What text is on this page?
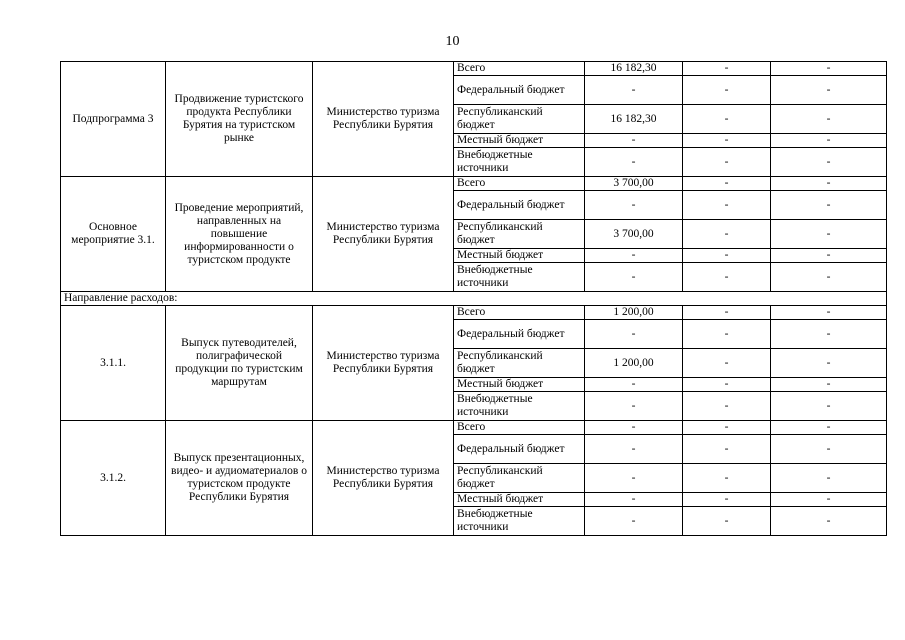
10
Подпрограмма 3	Продвижение туристского продукта Республики Бурятия на туристском рынке	Министерство туризма Республики Бурятия	Всего	16 182,30	-	-
			Федеральный бюджет	-	-	-
			Республиканский бюджет	16 182,30	-	-
			Местный бюджет	-	-	-
			Внебюджетные источники	-	-	-
Основное мероприятие 3.1.	Проведение мероприятий, направленных на повышение информированности о туристском продукте	Министерство туризма Республики Бурятия	Всего	3 700,00	-	-
			Федеральный бюджет	-	-	-
			Республиканский бюджет	3 700,00	-	-
			Местный бюджет	-	-	-
			Внебюджетные источники	-	-	-
Направление расходов:						
3.1.1.	Выпуск путеводителей, полиграфической продукции по туристским маршрутам	Министерство туризма Республики Бурятия	Всего	1 200,00	-	-
			Федеральный бюджет	-	-	-
			Республиканский бюджет	1 200,00	-	-
			Местный бюджет	-	-	-
			Внебюджетные источники	-	-	-
3.1.2.	Выпуск презентационных, видео- и аудиоматериалов о туристском продукте Республики Бурятия	Министерство туризма Республики Бурятия	Всего	-	-	-
			Федеральный бюджет	-	-	-
			Республиканский бюджет	-	-	-
			Местный бюджет	-	-	-
			Внебюджетные источники	-	-	-
